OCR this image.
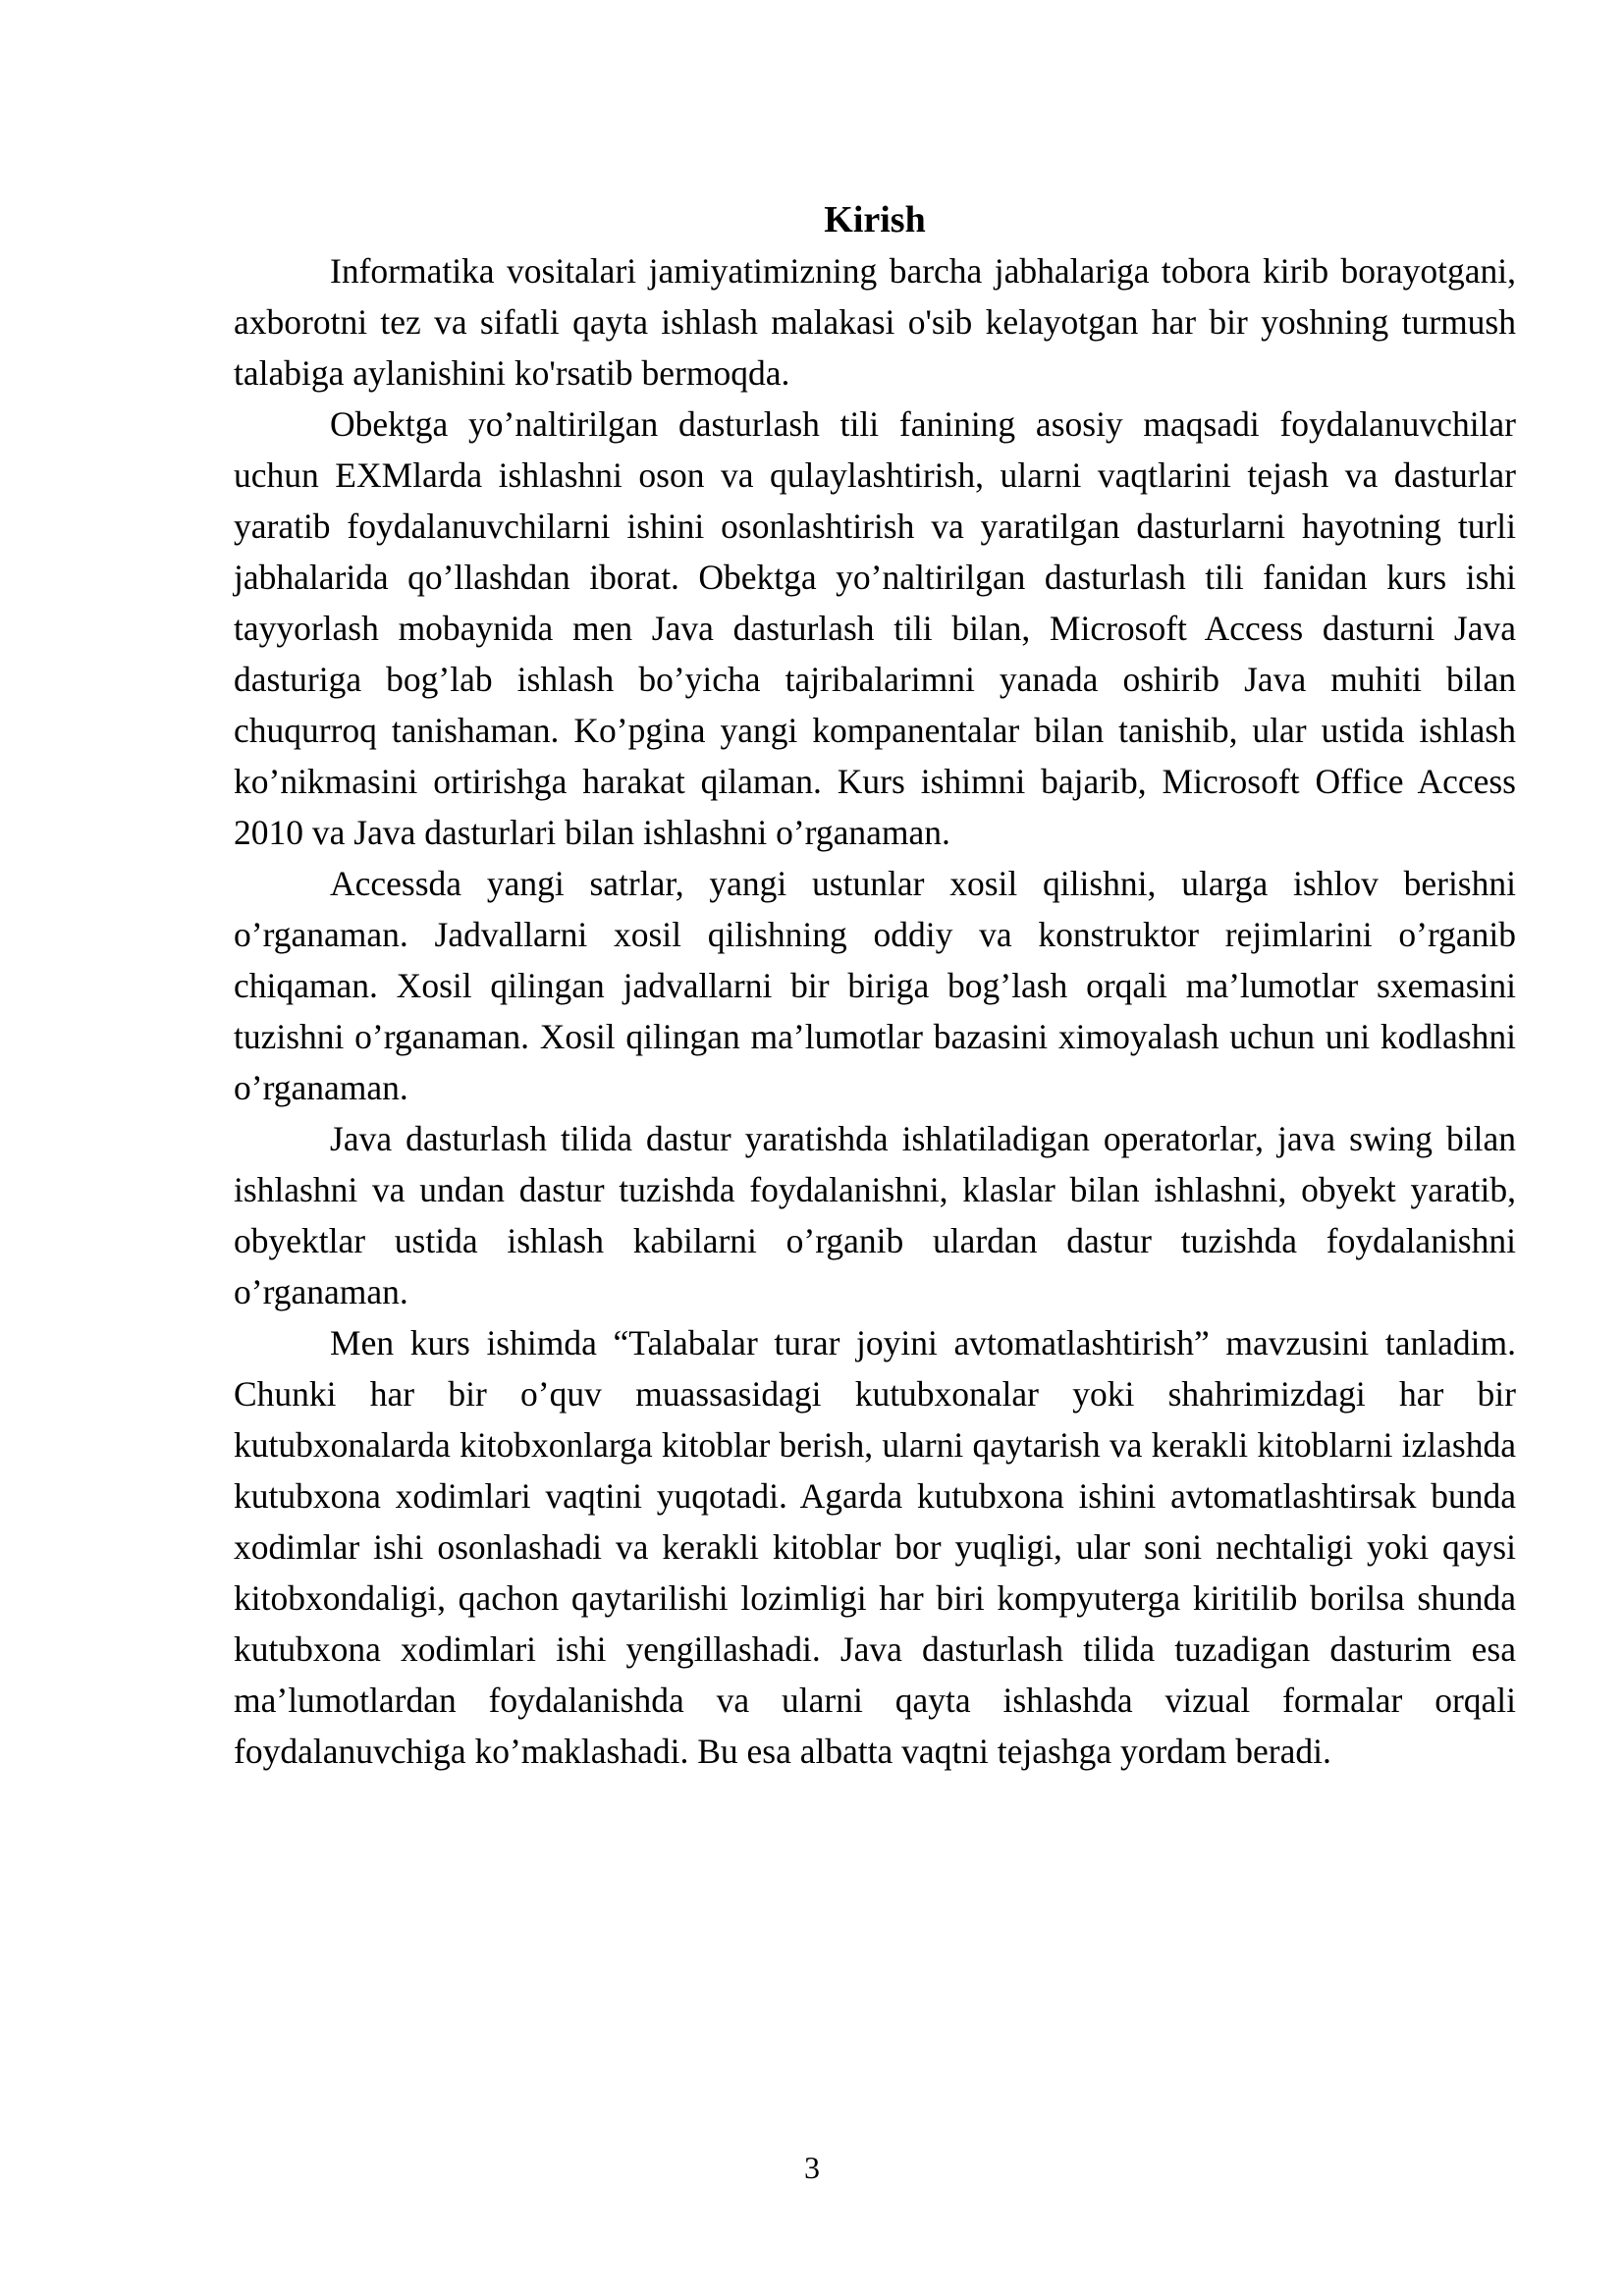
Kirish

Informatika vositalari jamiyatimizning barcha jabhalariga tobora kirib borayotgani, axborotni tez va sifatli qayta ishlash malakasi o'sib kelayotgan har bir yoshning turmush talabiga aylanishini ko'rsatib bermoqda.

Obektga yo’naltirilgan dasturlash tili fanining asosiy maqsadi foydalanuvchilar uchun EXMlarda ishlashni oson va qulaylashtirish, ularni vaqtlarini tejash va dasturlar yaratib foydalanuvchilarni ishini osonlashtirish va yaratilgan dasturlarni hayotning turli jabhalarida qo’llashdan iborat. Obektga yo’naltirilgan dasturlash tili fanidan kurs ishi tayyorlash mobaynida men Java dasturlash tili bilan, Microsoft Access dasturni Java dasturiga bog’lab ishlash bo’yicha tajribalarimni yanada oshirib Java muhiti bilan chuqurroq tanishaman. Ko’pgina yangi kompanentalar bilan tanishib, ular ustida ishlash ko’nikmasini ortirishga harakat qilaman. Kurs ishimni bajarib, Microsoft Office Access 2010 va Java dasturlari bilan ishlashni o’rganaman.

Accessda yangi satrlar, yangi ustunlar xosil qilishni, ularga ishlov berishni o’rganaman. Jadvallarni xosil qilishning oddiy va konstruktor rejimlarini o’rganib chiqaman. Xosil qilingan jadvallarni bir biriga bog’lash orqali ma’lumotlar sxemasini tuzishni o’rganaman. Xosil qilingan ma’lumotlar bazasini ximoyalash uchun uni kodlashni o’rganaman.

Java dasturlash tilida dastur yaratishda ishlatiladigan operatorlar, java swing bilan ishlashni va undan dastur tuzishda foydalanishni, klaslar bilan ishlashni, obyekt yaratib, obyektlar ustida ishlash kabilarni o’rganib ulardan dastur tuzishda foydalanishni o’rganaman.

Men kurs ishimda “Talabalar turar joyini avtomatlashtirish” mavzusini tanladim. Chunki har bir o’quv muassasidagi kutubxonalar yoki shahrimizdagi har bir kutubxonalarda kitobxonlarga kitoblar berish, ularni qaytarish va kerakli kitoblarni izlashda kutubxona xodimlari vaqtini yuqotadi. Agarda kutubxona ishini avtomatlashtirsak bunda xodimlar ishi osonlashadi va kerakli kitoblar bor yuqligi, ular soni nechtaligi yoki qaysi kitobxondaligi, qachon qaytarilishi lozimligi har biri kompyuterga kiritilib borilsa shunda kutubxona xodimlari ishi yengillashadi. Java dasturlash tilida tuzadigan dasturim esa ma’lumotlardan foydalanishda va ularni qayta ishlashda vizual formalar orqali foydalanuvchiga ko’maklashadi. Bu esa albatta vaqtni tejashga yordam beradi.

3
